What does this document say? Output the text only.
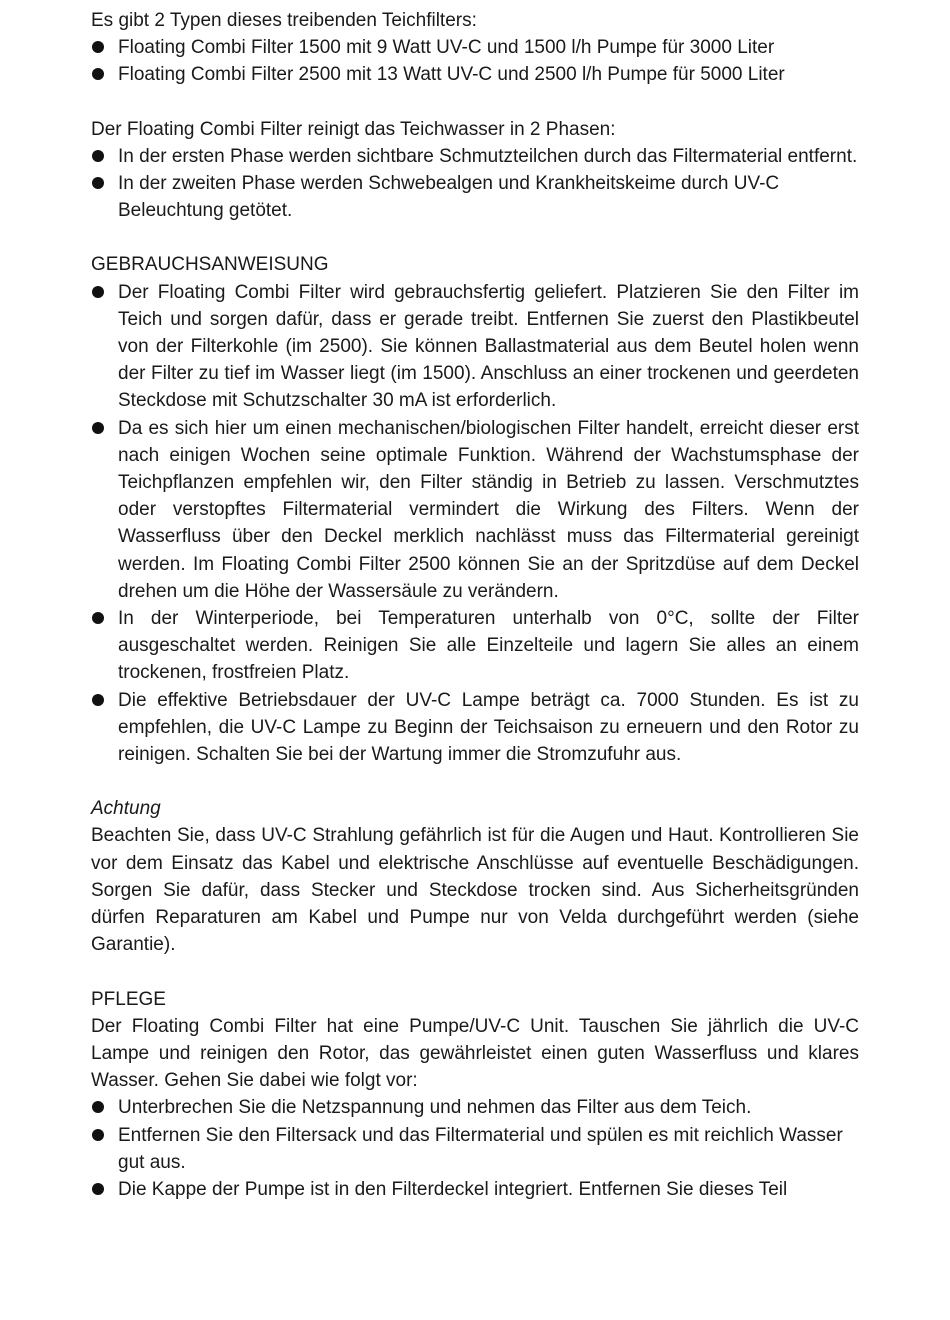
Es gibt 2 Typen dieses treibenden Teichfilters:
Floating Combi Filter 1500 mit 9 Watt UV-C und 1500 l/h Pumpe für 3000 Liter
Floating Combi Filter 2500 mit 13 Watt UV-C und 2500 l/h Pumpe für 5000 Liter
Der Floating Combi Filter reinigt das Teichwasser in 2 Phasen:
In der ersten Phase werden sichtbare Schmutzteilchen durch das Filtermaterial entfernt.
In der zweiten Phase werden Schwebealgen und Krankheitskeime durch UV-C Beleuchtung getötet.
GEBRAUCHSANWEISUNG
Der Floating Combi Filter wird gebrauchsfertig geliefert. Platzieren Sie den Filter im Teich und sorgen dafür, dass er gerade treibt. Entfernen Sie zuerst den Plastikbeutel von der Filterkohle (im 2500). Sie können Ballastmaterial aus dem Beutel holen wenn der Filter zu tief im Wasser liegt (im 1500). Anschluss an einer trockenen und geerdeten Steckdose mit Schutzschalter 30 mA ist erforderlich.
Da es sich hier um einen mechanischen/biologischen Filter handelt, erreicht dieser erst nach einigen Wochen seine optimale Funktion. Während der Wachstumsphase der Teichpflanzen empfehlen wir, den Filter ständig in Betrieb zu lassen. Verschmutztes oder verstopftes Filtermaterial vermindert die Wirkung des Filters. Wenn der Wasserfluss über den Deckel merklich nachlässt muss das Filtermaterial gereinigt werden. Im Floating Combi Filter 2500 können Sie an der Spritzdüse auf dem Deckel drehen um die Höhe der Wassersäule zu verändern.
In der Winterperiode, bei Temperaturen unterhalb von 0°C, sollte der Filter ausgeschaltet werden. Reinigen Sie alle Einzelteile und lagern Sie alles an einem trockenen, frostfreien Platz.
Die effektive Betriebsdauer der UV-C Lampe beträgt ca. 7000 Stunden. Es ist zu empfehlen, die UV-C Lampe zu Beginn der Teichsaison zu erneuern und den Rotor zu reinigen. Schalten Sie bei der Wartung immer die Stromzufuhr aus.
Achtung
Beachten Sie, dass UV-C Strahlung gefährlich ist für die Augen und Haut. Kontrollieren Sie vor dem Einsatz das Kabel und elektrische Anschlüsse auf eventuelle Beschädigungen. Sorgen Sie dafür, dass Stecker und Steckdose trocken sind. Aus Sicherheitsgründen dürfen Reparaturen am Kabel und Pumpe nur von Velda durchgeführt werden (siehe Garantie).
PFLEGE
Der Floating Combi Filter hat eine Pumpe/UV-C Unit. Tauschen Sie jährlich die UV-C Lampe und reinigen den Rotor, das gewährleistet einen guten Wasserfluss und klares Wasser. Gehen Sie dabei wie folgt vor:
Unterbrechen Sie die Netzspannung und nehmen das Filter aus dem Teich.
Entfernen Sie den Filtersack und das Filtermaterial und spülen es mit reichlich Wasser gut aus.
Die Kappe der Pumpe ist in den Filterdeckel integriert. Entfernen Sie dieses Teil
